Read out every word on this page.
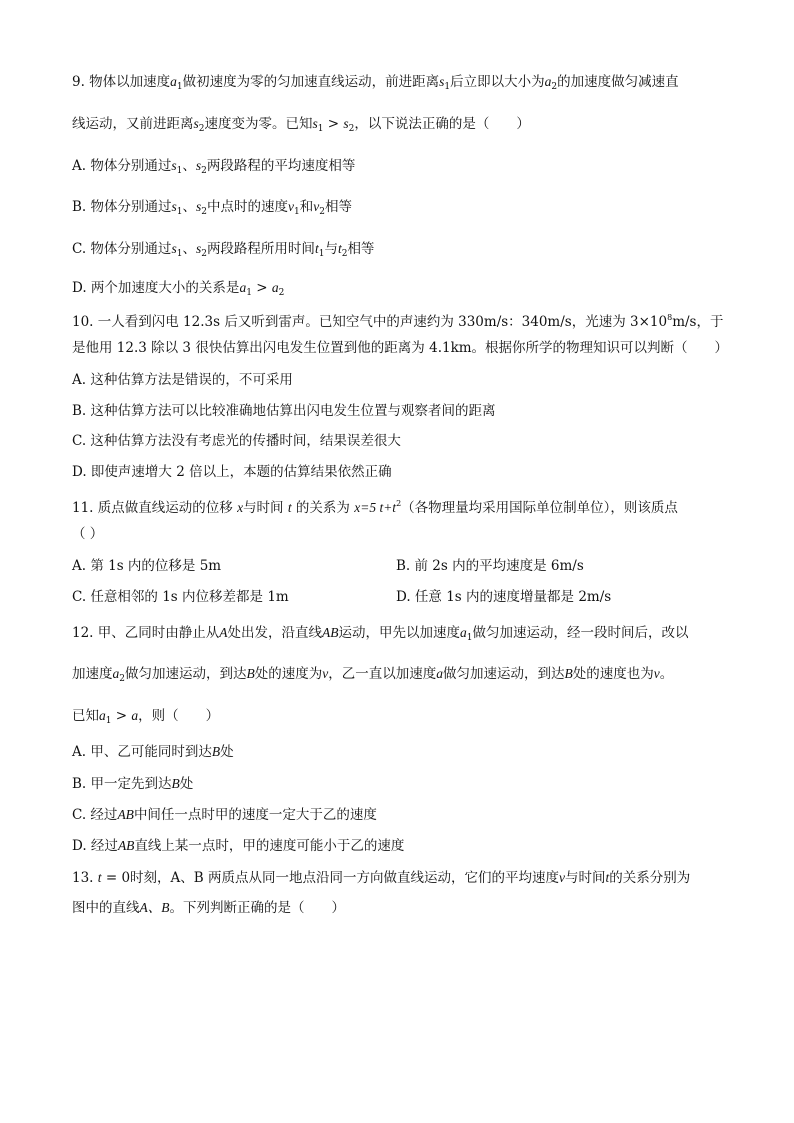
9. 物体以加速度$a_1$做初速度为零的匀加速直线运动，前进距离$s_1$后立即以大小为$a_2$的加速度做匀减速直
线运动，又前进距离$s_2$速度变为零。已知$s_1 > s_2$，以下说法正确的是（　　）
A. 物体分别通过$s_1$、$s_2$两段路程的平均速度相等
B. 物体分别通过$s_1$、$s_2$中点时的速度$v_1$和$v_2$相等
C. 物体分别通过$s_1$、$s_2$两段路程所用时间$t_1$与$t_2$相等
D. 两个加速度大小的关系是$a_1 > a_2$
10. 一人看到闪电 12.3s 后又听到雷声。已知空气中的声速约为 330m/s：340m/s，光速为 $3\times 10^8m/s$，于
是他用 12.3 除以 3 很快估算出闪电发生位置到他的距离为 4.1km。根据你所学的物理知识可以判断（　　）
A. 这种估算方法是错误的，不可采用
B. 这种估算方法可以比较准确地估算出闪电发生位置与观察者间的距离
C. 这种估算方法没有考虑光的传播时间，结果误差很大
D. 即使声速增大 2 倍以上，本题的估算结果依然正确
11. 质点做直线运动的位移 x与时间 t 的关系为 x=5 $t+t^2$（各物理量均采用国际单位制单位），则该质点
（ ）
A. 第 1s 内的位移是 5m	B. 前 2s 内的平均速度是 6m/s
C. 任意相邻的 1s 内位移差都是 1m	D. 任意 1s 内的速度增量都是 2m/s
12. 甲、乙同时由静止从A处出发，沿直线AB运动，甲先以加速度$a_1$做匀加速运动，经一段时间后，改以
加速度$a_2$做匀加速运动，到达B处的速度为v，乙一直以加速度a做匀加速运动，到达B处的速度也为v。
已知$a_1 > a$，则（　　）
A. 甲、乙可能同时到达B处
B. 甲一定先到达B处
C. 经过AB中间任一点时甲的速度一定大于乙的速度
D. 经过AB直线上某一点时，甲的速度可能小于乙的速度
13. t = 0时刻，A、B 两质点从同一地点沿同一方向做直线运动，它们的平均速度v与时间t的关系分别为
图中的直线A、B。下列判断正确的是（　　）
